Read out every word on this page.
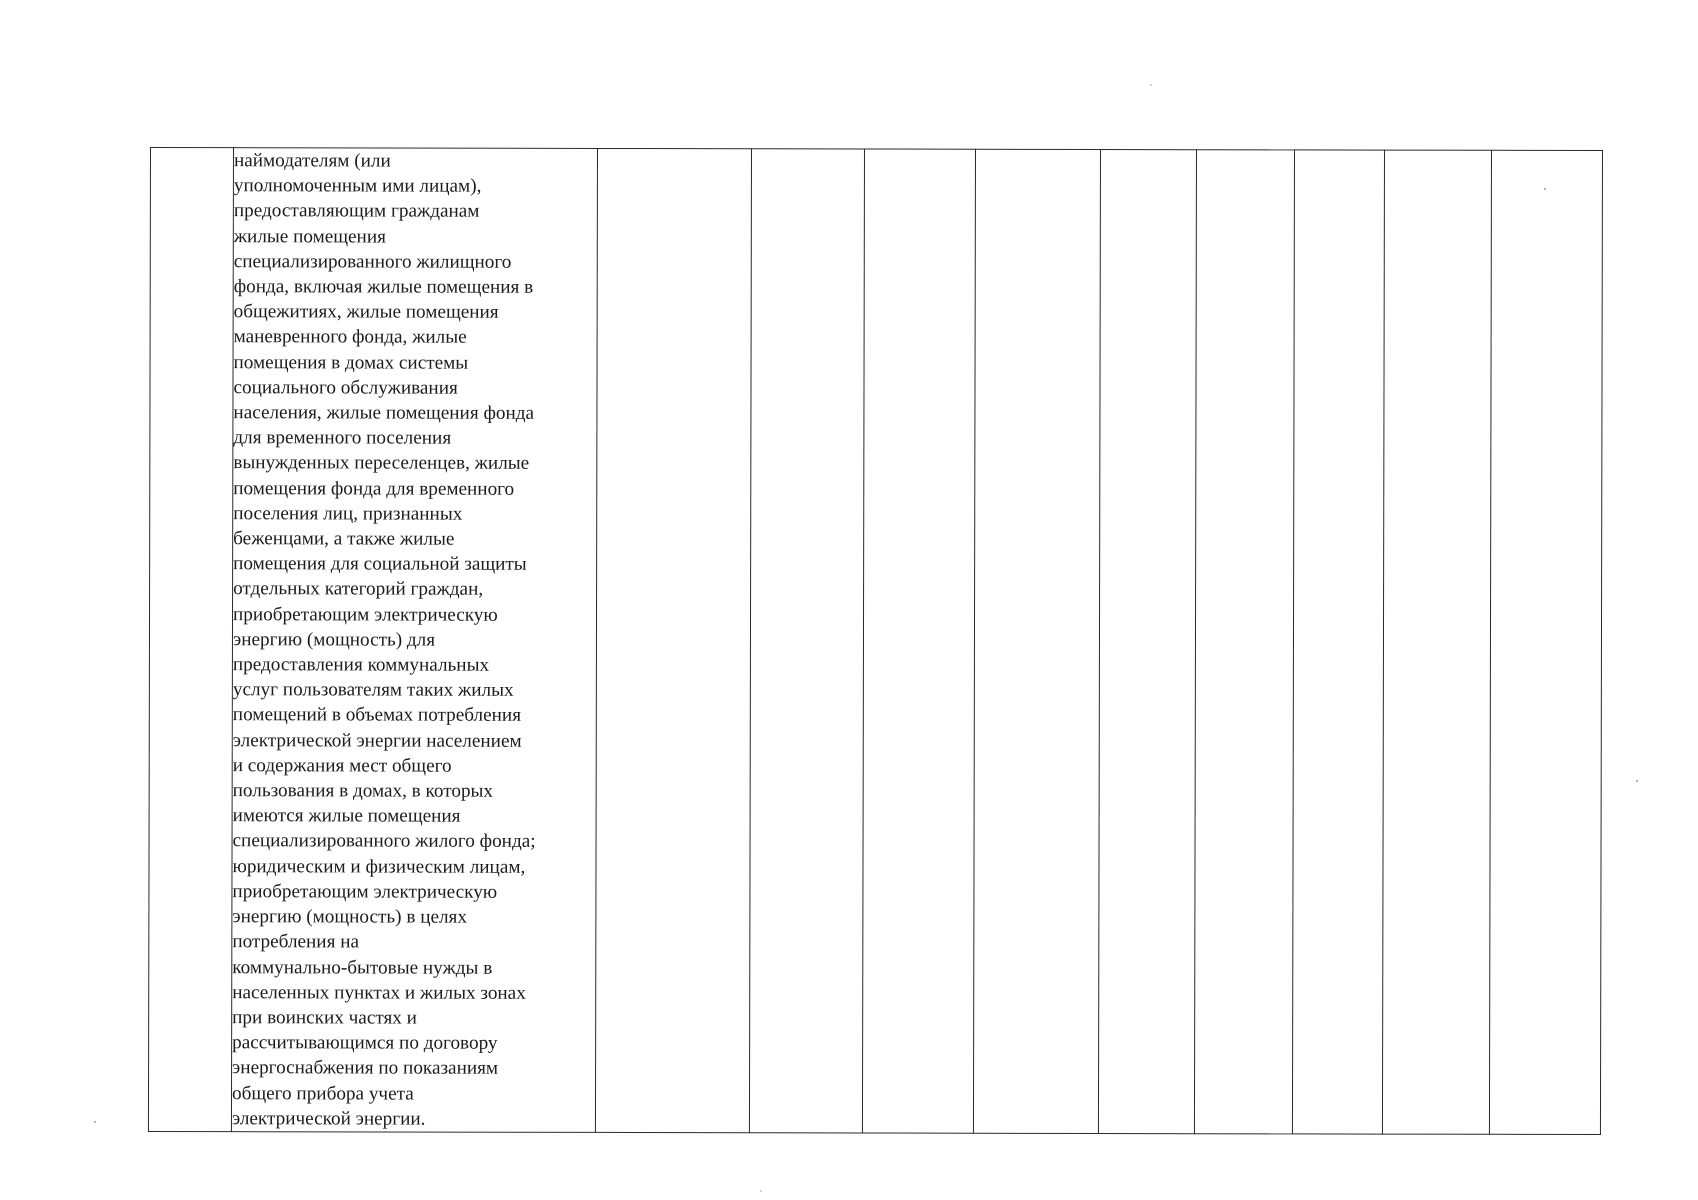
наймодателям (или
уполномоченным ими лицам),
предоставляющим гражданам
жилые помещения
специализированного жилищного
фонда, включая жилые помещения в
общежитиях, жилые помещения
маневренного фонда, жилые
помещения в домах системы
социального обслуживания
населения, жилые помещения фонда
для временного поселения
вынужденных переселенцев, жилые
помещения фонда для временного
поселения лиц, признанных
беженцами, а также жилые
помещения для социальной защиты
отдельных категорий граждан,
приобретающим электрическую
энергию (мощность) для
предоставления коммунальных
услуг пользователям таких жилых
помещений в объемах потребления
электрической энергии населением
и содержания мест общего
пользования в домах, в которых
имеются жилые помещения
специализированного жилого фонда;
юридическим и физическим лицам,
приобретающим электрическую
энергию (мощность) в целях
потребления на
коммунально-бытовые нужды в
населенных пунктах и жилых зонах
при воинских частях и
рассчитывающимся по договору
энергоснабжения по показаниям
общего прибора учета
электрической энергии.
